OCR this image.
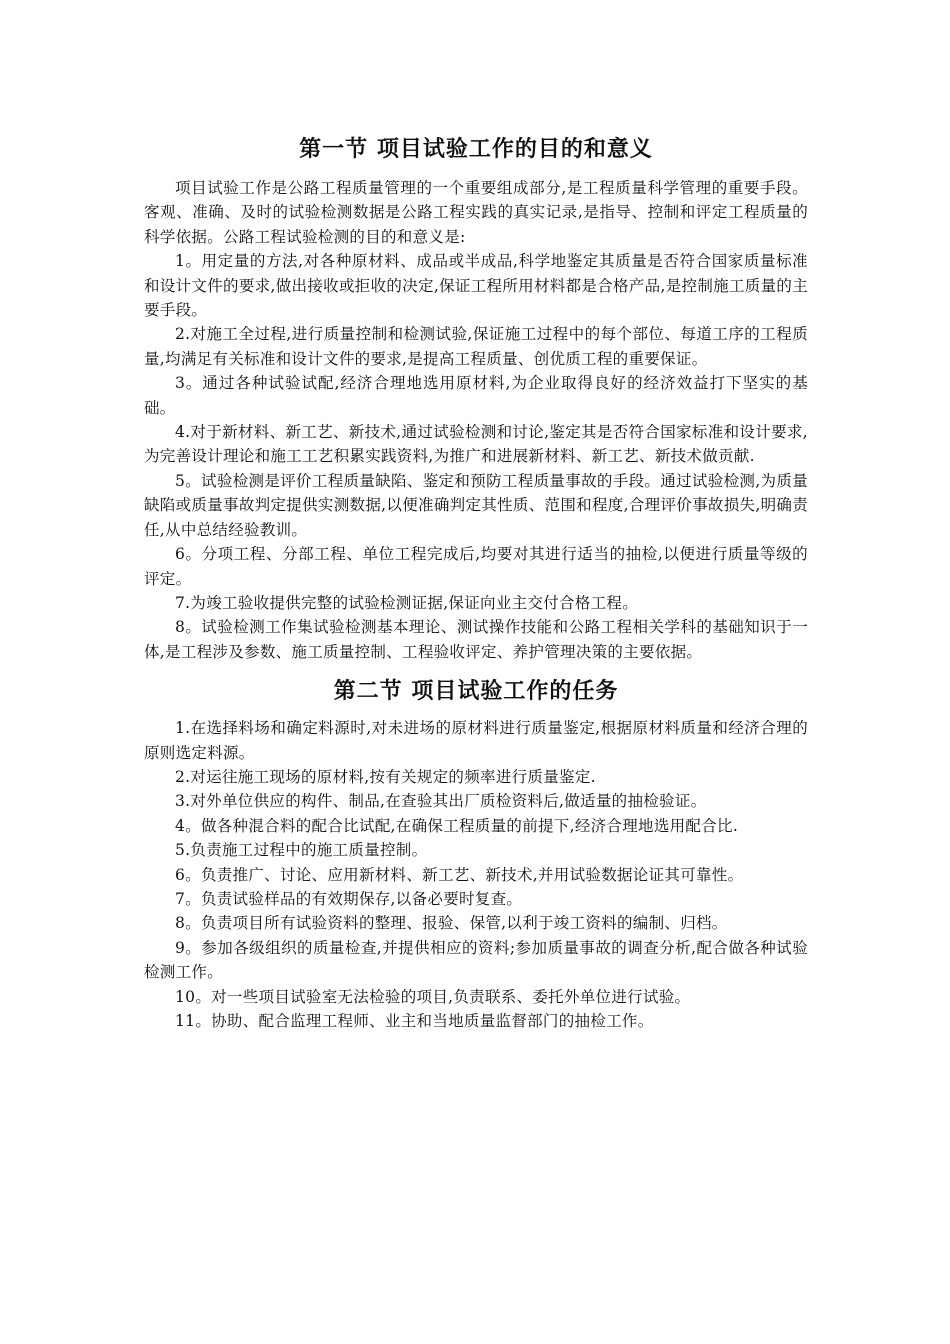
第一节 项目试验工作的目的和意义

项目试验工作是公路工程质量管理的一个重要组成部分,是工程质量科学管理的重要手段。客观、准确、及时的试验检测数据是公路工程实践的真实记录,是指导、控制和评定工程质量的科学依据。公路工程试验检测的目的和意义是:

1。用定量的方法,对各种原材料、成品或半成品,科学地鉴定其质量是否符合国家质量标准和设计文件的要求,做出接收或拒收的决定,保证工程所用材料都是合格产品,是控制施工质量的主要手段。

2.对施工全过程,进行质量控制和检测试验,保证施工过程中的每个部位、每道工序的工程质量,均满足有关标准和设计文件的要求,是提高工程质量、创优质工程的重要保证。

3。通过各种试验试配,经济合理地选用原材料,为企业取得良好的经济效益打下坚实的基础。

4.对于新材料、新工艺、新技术,通过试验检测和讨论,鉴定其是否符合国家标准和设计要求,为完善设计理论和施工工艺积累实践资料,为推广和进展新材料、新工艺、新技术做贡献.

5。试验检测是评价工程质量缺陷、鉴定和预防工程质量事故的手段。通过试验检测,为质量缺陷或质量事故判定提供实测数据,以便准确判定其性质、范围和程度,合理评价事故损失,明确责任,从中总结经验教训。

6。分项工程、分部工程、单位工程完成后,均要对其进行适当的抽检,以便进行质量等级的评定。

7.为竣工验收提供完整的试验检测证据,保证向业主交付合格工程。

8。试验检测工作集试验检测基本理论、测试操作技能和公路工程相关学科的基础知识于一体,是工程涉及参数、施工质量控制、工程验收评定、养护管理决策的主要依据。

第二节 项目试验工作的任务

1.在选择料场和确定料源时,对未进场的原材料进行质量鉴定,根据原材料质量和经济合理的原则选定料源。

2.对运往施工现场的原材料,按有关规定的频率进行质量鉴定.

3.对外单位供应的构件、制品,在查验其出厂质检资料后,做适量的抽检验证。

4。做各种混合料的配合比试配,在确保工程质量的前提下,经济合理地选用配合比.

5.负责施工过程中的施工质量控制。

6。负责推广、讨论、应用新材料、新工艺、新技术,并用试验数据论证其可靠性。

7。负责试验样品的有效期保存,以备必要时复查。

8。负责项目所有试验资料的整理、报验、保管,以利于竣工资料的编制、归档。

9。参加各级组织的质量检查,并提供相应的资料;参加质量事故的调查分析,配合做各种试验检测工作。

10。对一些项目试验室无法检验的项目,负责联系、委托外单位进行试验。

11。协助、配合监理工程师、业主和当地质量监督部门的抽检工作。
